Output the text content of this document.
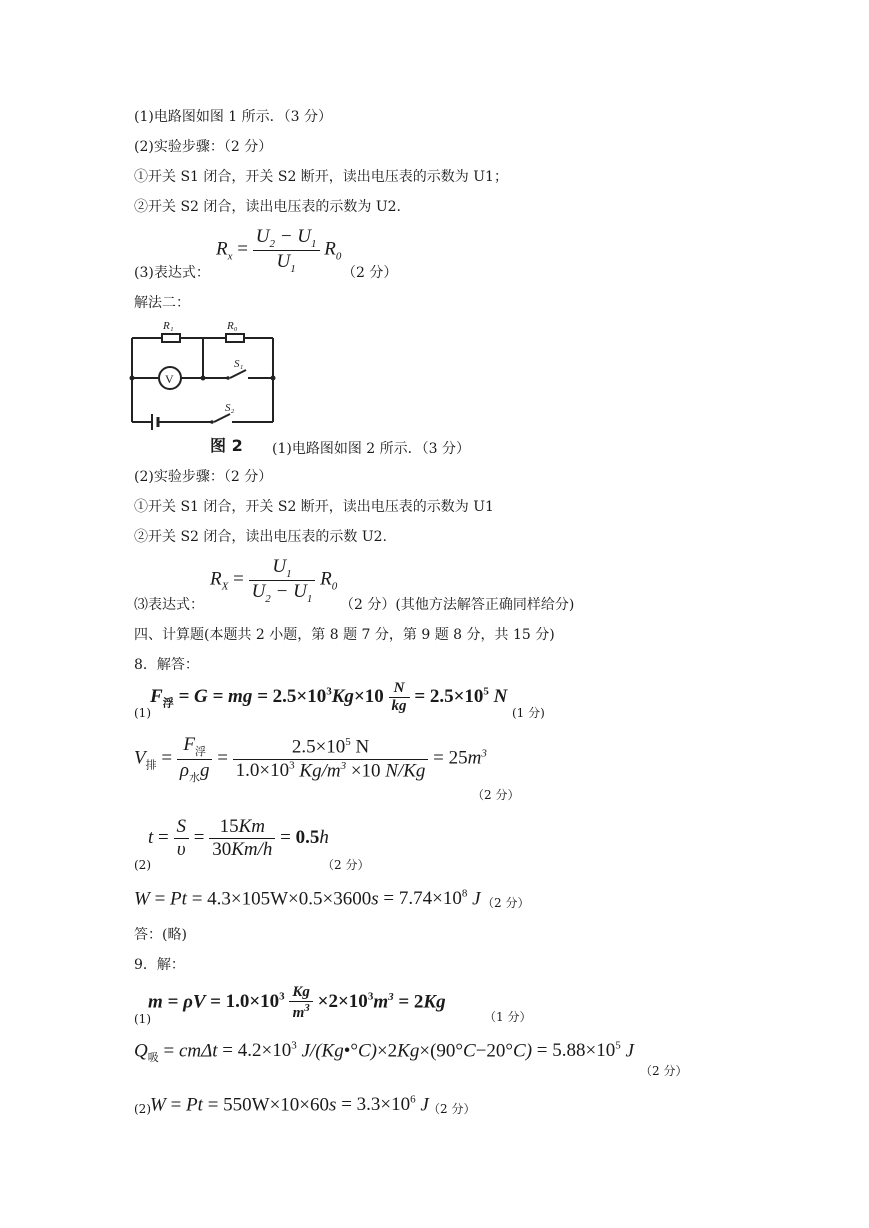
(1)电路图如图 1 所示．（3 分）
(2)实验步骤：（2 分）
①开关 S1 闭合，开关 S2 断开，读出电压表的示数为 U1；
②开关 S2 闭合，读出电压表的示数为 U2.
(3)表达式：
$R_x = \frac{U_2 - U_1}{U_1} R_0$
（2 分）
解法二：
R₁	R₀
S₁
S₂
V
图 2 (1)电路图如图 2 所示．（3 分）
(2)实验步骤：（2 分）
①开关 S1 闭合，开关 S2 断开，读出电压表的示数为 U1
②开关 S2 闭合，读出电压表的示数 U2.
⑶表达式：
$R_X = \frac{U_1}{U_2 - U_1} R_0$
（2 分）(其他方法解答正确同样给分)
四、计算题(本题共 2 小题，第 8 题 7 分，第 9 题 8 分，共 15 分)
8．解答：
(1)
$F_浮 = G$ = mg = $2.5\times 10^3Kg\times 10 \frac{N}{kg} = 2.5\times 10^5$ N
(1 分)
$V_排 = \frac{F_浮}{\rho_水g} = \frac{2.5\times 10^5 N}{1.0\times 10^3 Kg/m^3 \times 10 N/Kg} = 25m^3$
（2 分）
$t = \frac{S}{\upsilon} = \frac{15Km}{30Km/h} = 0.5h$
(2)	（2 分）
$W = Pt = 4.3\times 105W\times 0.5\times 3600s = 7.74\times 10^8$ J （2 分）
答：(略)
9．解：
(1)
$m = \rho V = 1.0\times 10^3 \frac{Kg}{m^3} \times 2\times 10^3m^3 = 2Kg$
（1 分）
$Q_吸 = cm\Delta t = 4.2\times 10^3$ J/(Kg•°C)×2Kg×(90°C−20°C) = $5.88\times 10^5$ J
（2 分）
(2) $W = Pt = 550W\times 10\times 60s = 3.3\times 10^6$ J （2 分）
